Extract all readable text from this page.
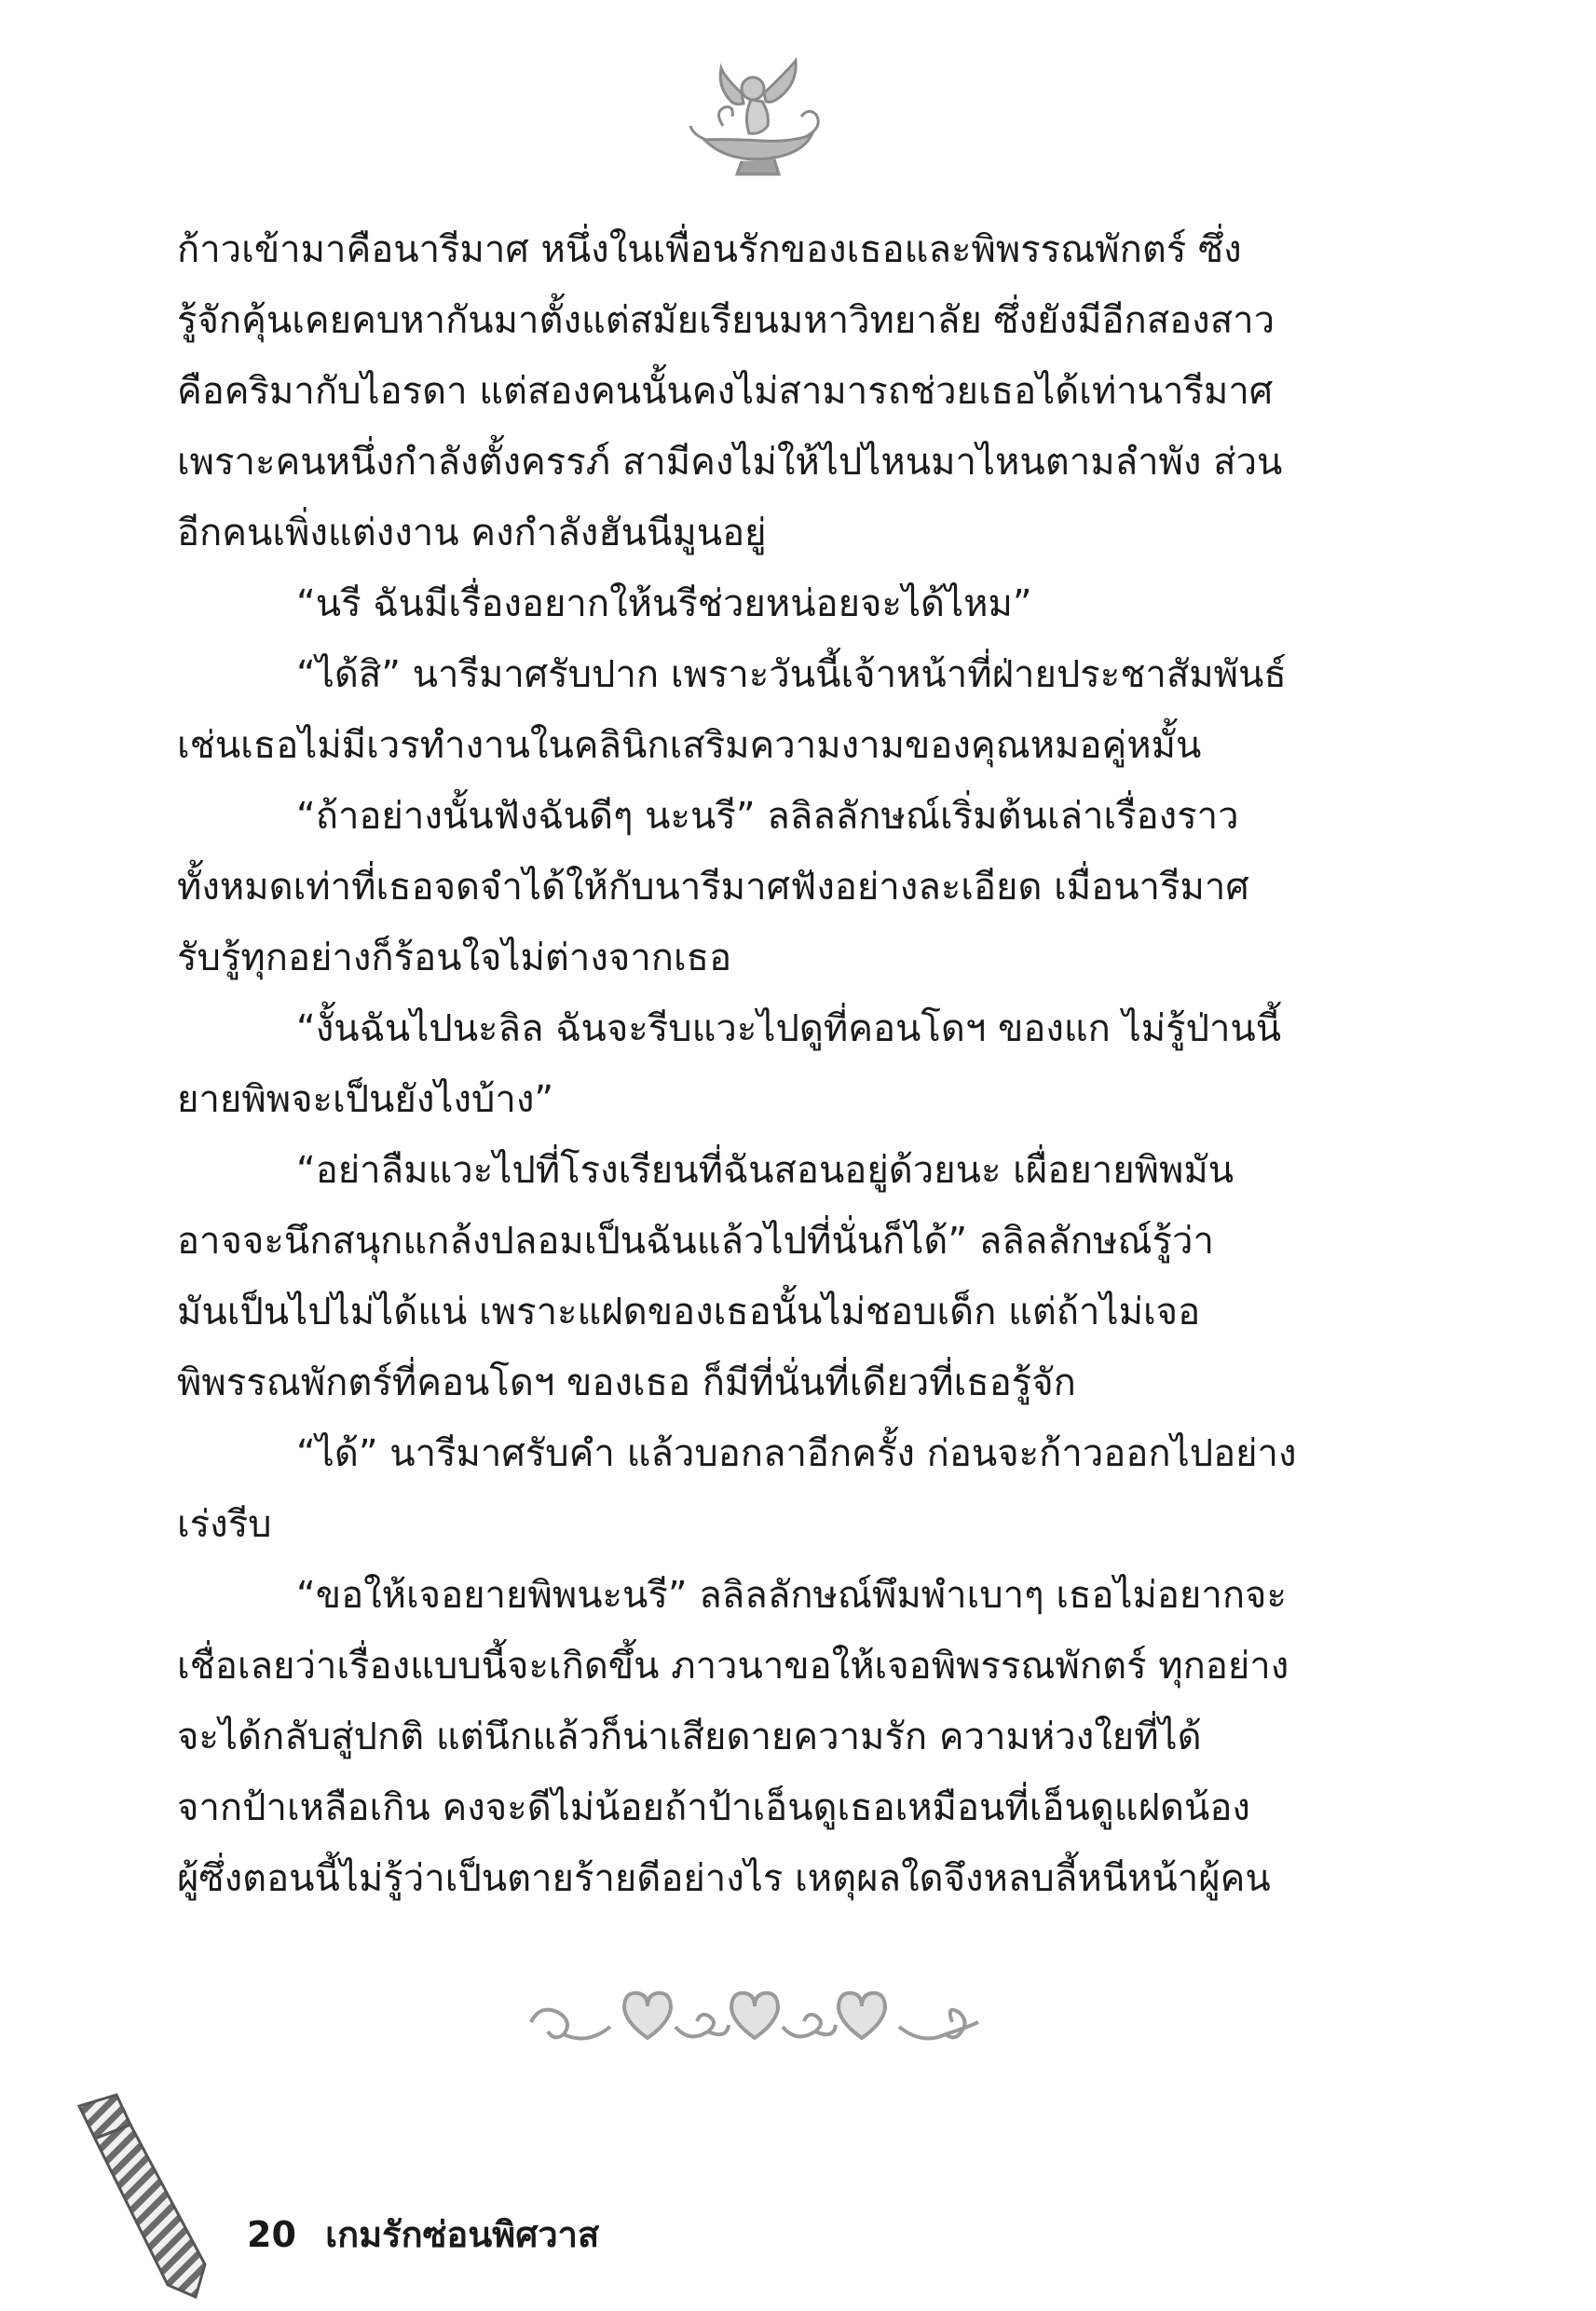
ก้าวเข้ามาคือนารีมาศ หนึ่งในเพื่อนรักของเธอและพิพรรณพักตร์ ซึ่ง
รู้จักคุ้นเคยคบหากันมาตั้งแต่สมัยเรียนมหาวิทยาลัย ซึ่งยังมีอีกสองสาว
คือคริมากับไอรดา แต่สองคนนั้นคงไม่สามารถช่วยเธอได้เท่านารีมาศ
เพราะคนหนึ่งกำลังตั้งครรภ์ สามีคงไม่ให้ไปไหนมาไหนตามลำพัง ส่วน
อีกคนเพิ่งแต่งงาน คงกำลังฮันนีมูนอยู่
“นรี ฉันมีเรื่องอยากให้นรีช่วยหน่อยจะได้ไหม”
“ได้สิ” นารีมาศรับปาก เพราะวันนี้เจ้าหน้าที่ฝ่ายประชาสัมพันธ์
เช่นเธอไม่มีเวรทำงานในคลินิกเสริมความงามของคุณหมอคู่หมั้น
“ถ้าอย่างนั้นฟังฉันดีๆ นะนรี” ลลิลลักษณ์เริ่มต้นเล่าเรื่องราว
ทั้งหมดเท่าที่เธอจดจำได้ให้กับนารีมาศฟังอย่างละเอียด เมื่อนารีมาศ
รับรู้ทุกอย่างก็ร้อนใจไม่ต่างจากเธอ
“งั้นฉันไปนะลิล ฉันจะรีบแวะไปดูที่คอนโดฯ ของแก ไม่รู้ป่านนี้
ยายพิพจะเป็นยังไงบ้าง”
“อย่าลืมแวะไปที่โรงเรียนที่ฉันสอนอยู่ด้วยนะ เผื่อยายพิพมัน
อาจจะนึกสนุกแกล้งปลอมเป็นฉันแล้วไปที่นั่นก็ได้” ลลิลลักษณ์รู้ว่า
มันเป็นไปไม่ได้แน่ เพราะแฝดของเธอนั้นไม่ชอบเด็ก แต่ถ้าไม่เจอ
พิพรรณพักตร์ที่คอนโดฯ ของเธอ ก็มีที่นั่นที่เดียวที่เธอรู้จัก
“ได้” นารีมาศรับคำ แล้วบอกลาอีกครั้ง ก่อนจะก้าวออกไปอย่าง
เร่งรีบ
“ขอให้เจอยายพิพนะนรี” ลลิลลักษณ์พึมพำเบาๆ เธอไม่อยากจะ
เชื่อเลยว่าเรื่องแบบนี้จะเกิดขึ้น ภาวนาขอให้เจอพิพรรณพักตร์ ทุกอย่าง
จะได้กลับสู่ปกติ แต่นึกแล้วก็น่าเสียดายความรัก ความห่วงใยที่ได้
จากป้าเหลือเกิน คงจะดีไม่น้อยถ้าป้าเอ็นดูเธอเหมือนที่เอ็นดูแฝดน้อง
ผู้ซึ่งตอนนี้ไม่รู้ว่าเป็นตายร้ายดีอย่างไร เหตุผลใดจึงหลบลี้หนีหน้าผู้คน
20 เกมรักซ่อนพิศวาส
